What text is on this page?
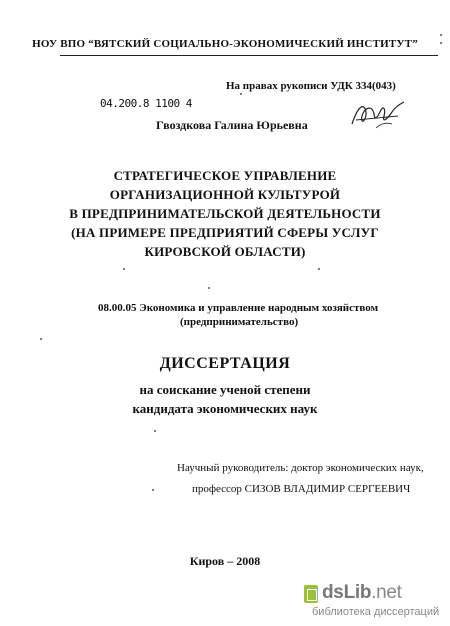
НОУ ВПО “ВЯТСКИЙ СОЦИАЛЬНО-ЭКОНОМИЧЕСКИЙ ИНСТИТУТ”
На правах рукописи УДК 334(043)
04.200.8 1100 4
Гвоздкова Галина Юрьевна
СТРАТЕГИЧЕСКОЕ УПРАВЛЕНИЕ
ОРГАНИЗАЦИОННОЙ КУЛЬТУРОЙ
В ПРЕДПРИНИМАТЕЛЬСКОЙ ДЕЯТЕЛЬНОСТИ
(НА ПРИМЕРЕ ПРЕДПРИЯТИЙ СФЕРЫ УСЛУГ
КИРОВСКОЙ ОБЛАСТИ)
08.00.05 Экономика и управление народным хозяйством
(предпринимательство)
ДИССЕРТАЦИЯ
на соискание ученой степени
кандидата экономических наук
Научный руководитель: доктор экономических наук,
профессор СИЗОВ ВЛАДИМИР СЕРГЕЕВИЧ
Киров – 2008
dsLib.net
библиотека диссертаций
